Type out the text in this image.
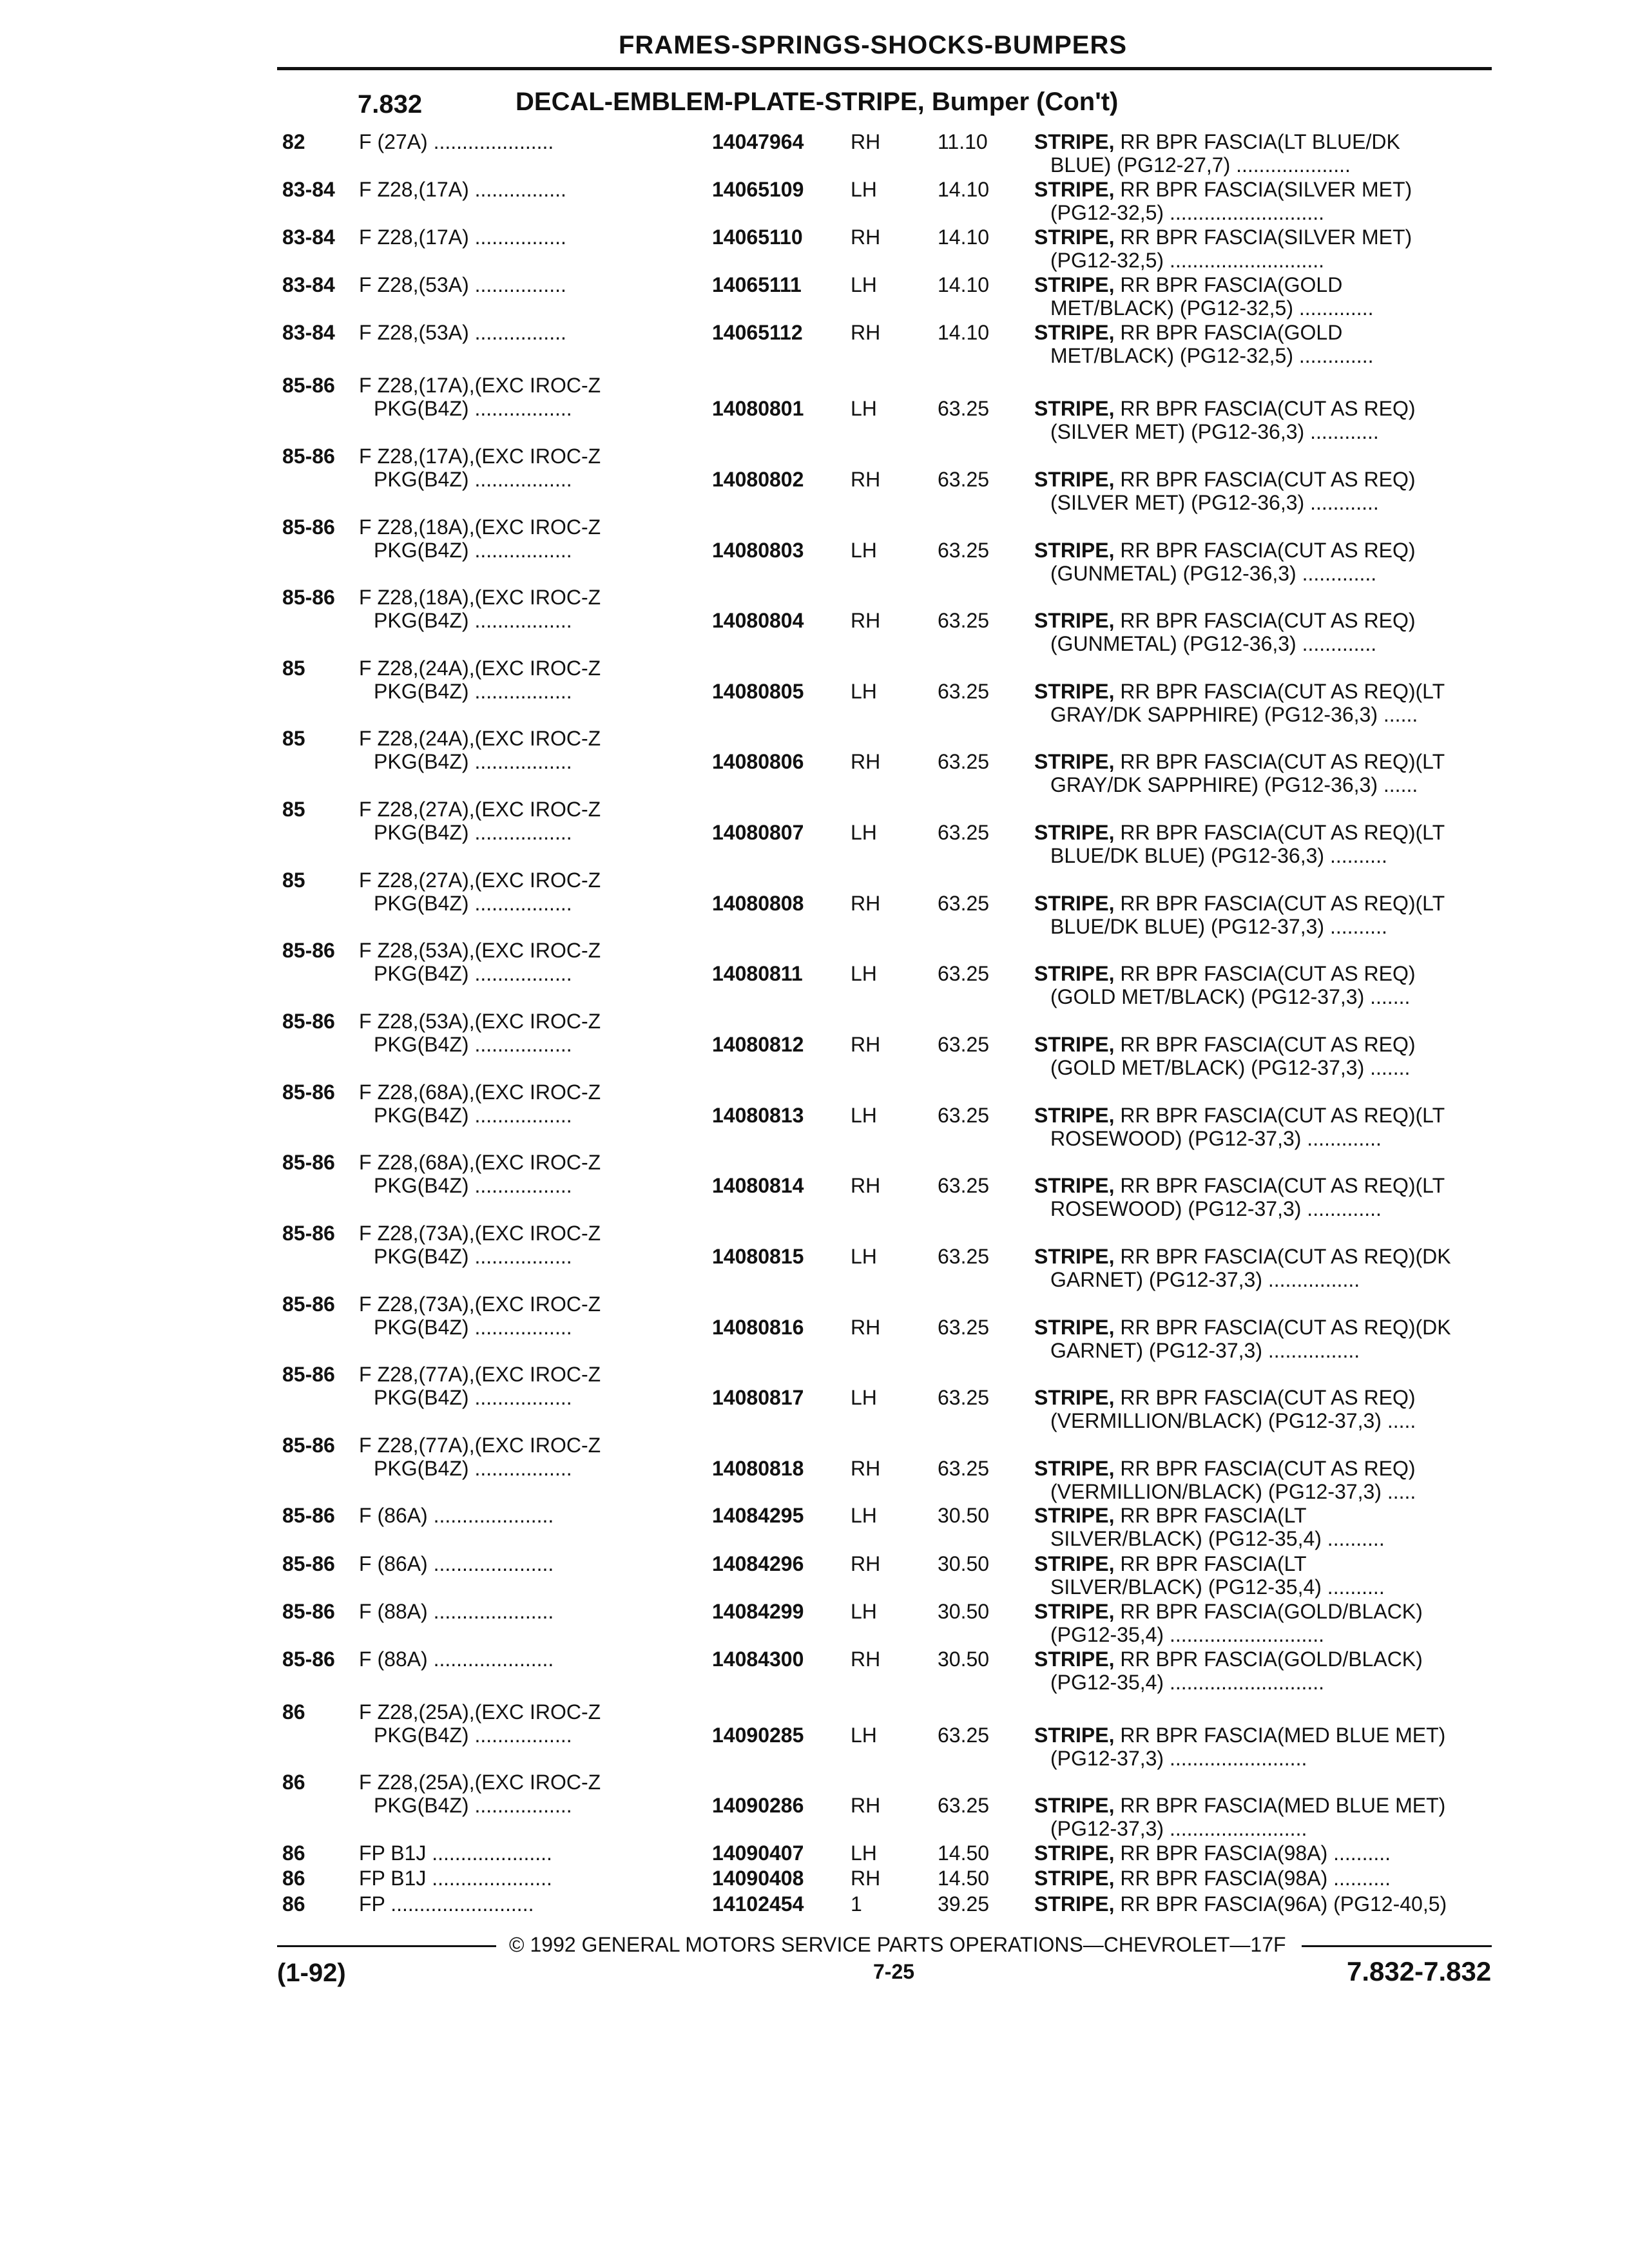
FRAMES-SPRINGS-SHOCKS-BUMPERS
7.832	DECAL-EMBLEM-PLATE-STRIPE, Bumper (Con't)
82	F (27A) .....................	14047964 RH	11.10 STRIPE, RR BPR FASCIA(LT BLUE/DK
BLUE) (PG12-27,7) ....................
83-84 F Z28,(17A) ................	14065109 LH	14.10 STRIPE, RR BPR FASCIA(SILVER MET)
(PG12-32,5) ...........................
83-84 F Z28,(17A) ................	14065110 RH	14.10 STRIPE, RR BPR FASCIA(SILVER MET)
(PG12-32,5) ...........................
83-84 F Z28,(53A) ................	14065111 LH	14.10 STRIPE, RR BPR FASCIA(GOLD
MET/BLACK) (PG12-32,5) .............
83-84 F Z28,(53A) ................	14065112 RH	14.10 STRIPE, RR BPR FASCIA(GOLD
MET/BLACK) (PG12-32,5) .............
85-86 F Z28,(17A),(EXC IROC-Z
PKG(B4Z) .................	14080801 LH	63.25 STRIPE, RR BPR FASCIA(CUT AS REQ)
(SILVER MET) (PG12-36,3) ............
85-86 F Z28,(17A),(EXC IROC-Z
PKG(B4Z) .................	14080802 RH	63.25 STRIPE, RR BPR FASCIA(CUT AS REQ)
(SILVER MET) (PG12-36,3) ............
85-86 F Z28,(18A),(EXC IROC-Z
PKG(B4Z) .................	14080803 LH	63.25 STRIPE, RR BPR FASCIA(CUT AS REQ)
(GUNMETAL) (PG12-36,3) .............
85-86 F Z28,(18A),(EXC IROC-Z
PKG(B4Z) .................	14080804 RH	63.25 STRIPE, RR BPR FASCIA(CUT AS REQ)
(GUNMETAL) (PG12-36,3) .............
85	F Z28,(24A),(EXC IROC-Z
PKG(B4Z) .................	14080805 LH	63.25 STRIPE, RR BPR FASCIA(CUT AS REQ)(LT
GRAY/DK SAPPHIRE) (PG12-36,3) ......
85	F Z28,(24A),(EXC IROC-Z
PKG(B4Z) .................	14080806 RH	63.25 STRIPE, RR BPR FASCIA(CUT AS REQ)(LT
GRAY/DK SAPPHIRE) (PG12-36,3) ......
85	F Z28,(27A),(EXC IROC-Z
PKG(B4Z) .................	14080807 LH	63.25 STRIPE, RR BPR FASCIA(CUT AS REQ)(LT
BLUE/DK BLUE) (PG12-36,3) ..........
85	F Z28,(27A),(EXC IROC-Z
PKG(B4Z) .................	14080808 RH	63.25 STRIPE, RR BPR FASCIA(CUT AS REQ)(LT
BLUE/DK BLUE) (PG12-37,3) ..........
85-86 F Z28,(53A),(EXC IROC-Z
PKG(B4Z) .................	14080811 LH	63.25 STRIPE, RR BPR FASCIA(CUT AS REQ)
(GOLD MET/BLACK) (PG12-37,3) .......
85-86 F Z28,(53A),(EXC IROC-Z
PKG(B4Z) .................	14080812 RH	63.25 STRIPE, RR BPR FASCIA(CUT AS REQ)
(GOLD MET/BLACK) (PG12-37,3) .......
85-86 F Z28,(68A),(EXC IROC-Z
PKG(B4Z) .................	14080813 LH	63.25 STRIPE, RR BPR FASCIA(CUT AS REQ)(LT
ROSEWOOD) (PG12-37,3) .............
85-86 F Z28,(68A),(EXC IROC-Z
PKG(B4Z) .................	14080814 RH	63.25 STRIPE, RR BPR FASCIA(CUT AS REQ)(LT
ROSEWOOD) (PG12-37,3) .............
85-86 F Z28,(73A),(EXC IROC-Z
PKG(B4Z) .................	14080815 LH	63.25 STRIPE, RR BPR FASCIA(CUT AS REQ)(DK
GARNET) (PG12-37,3) ................
85-86 F Z28,(73A),(EXC IROC-Z
PKG(B4Z) .................	14080816 RH	63.25 STRIPE, RR BPR FASCIA(CUT AS REQ)(DK
GARNET) (PG12-37,3) ................
85-86 F Z28,(77A),(EXC IROC-Z
PKG(B4Z) .................	14080817 LH	63.25 STRIPE, RR BPR FASCIA(CUT AS REQ)
(VERMILLION/BLACK) (PG12-37,3) .....
85-86 F Z28,(77A),(EXC IROC-Z
PKG(B4Z) .................	14080818 RH	63.25 STRIPE, RR BPR FASCIA(CUT AS REQ)
(VERMILLION/BLACK) (PG12-37,3) .....
85-86 F (86A) .....................	14084295 LH	30.50 STRIPE, RR BPR FASCIA(LT
SILVER/BLACK) (PG12-35,4) ..........
85-86 F (86A) .....................	14084296 RH	30.50 STRIPE, RR BPR FASCIA(LT
SILVER/BLACK) (PG12-35,4) ..........
85-86 F (88A) .....................	14084299 LH	30.50 STRIPE, RR BPR FASCIA(GOLD/BLACK)
(PG12-35,4) ...........................
85-86 F (88A) .....................	14084300 RH	30.50 STRIPE, RR BPR FASCIA(GOLD/BLACK)
(PG12-35,4) ...........................
86	F Z28,(25A),(EXC IROC-Z
PKG(B4Z) .................	14090285 LH	63.25 STRIPE, RR BPR FASCIA(MED BLUE MET)
(PG12-37,3) ........................
86	F Z28,(25A),(EXC IROC-Z
PKG(B4Z) .................	14090286 RH	63.25 STRIPE, RR BPR FASCIA(MED BLUE MET)
(PG12-37,3) ........................
86	FP B1J .....................	14090407 LH	14.50 STRIPE, RR BPR FASCIA(98A) ..........
86	FP B1J .....................	14090408 RH	14.50 STRIPE, RR BPR FASCIA(98A) ..........
86	FP .........................	14102454 1	39.25 STRIPE, RR BPR FASCIA(96A) (PG12-40,5)
© 1992 GENERAL MOTORS SERVICE PARTS OPERATIONS—CHEVROLET—17F
(1-92)	7-25	7.832-7.832
